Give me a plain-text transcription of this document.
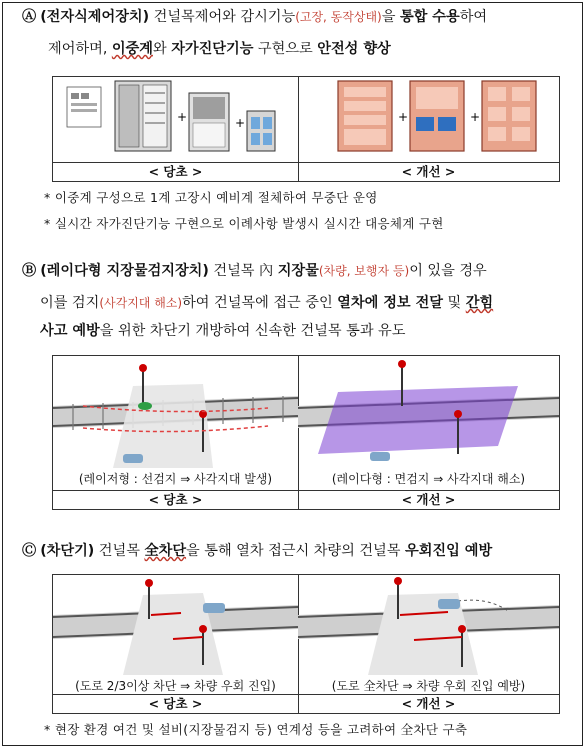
Ⓐ (전자식제어장치) 건널목제어와 감시기능(고장, 동작상태)을 통합 수용하여
제어하며, 이중계와 자가진단기능 구현으로 안전성 향상
+	+	+	+
< 당초 >	< 개선 >
* 이중계 구성으로 1계 고장시 예비계 절체하여 무중단 운영
* 실시간 자가진단기능 구현으로 이례사항 발생시 실시간 대응체계 구현
Ⓑ (레이다형 지장물검지장치) 건널목 內 지장물(차량, 보행자 등)이 있을 경우
이를 검지(사각지대 해소)하여 건널목에 접근 중인 열차에 정보 전달 및 간힘
사고 예방을 위한 차단기 개방하여 신속한 건널목 통과 유도
(레이저형 : 선검지 ⇒ 사각지대 발생)	(레이다형 : 면검지 ⇒ 사각지대 해소)
< 당초 >	< 개선 >
Ⓒ (차단기) 건널목 全차단을 통해 열차 접근시 차량의 건널목 우회진입 예방
(도로 2/3이상 차단 ⇒ 차량 우회 진입)	(도로 全차단 ⇒ 차량 우회 진입 예방)
< 당초 >	< 개선 >
* 현장 환경 여건 및 설비(지장물검지 등) 연계성 등을 고려하여 全차단 구축
